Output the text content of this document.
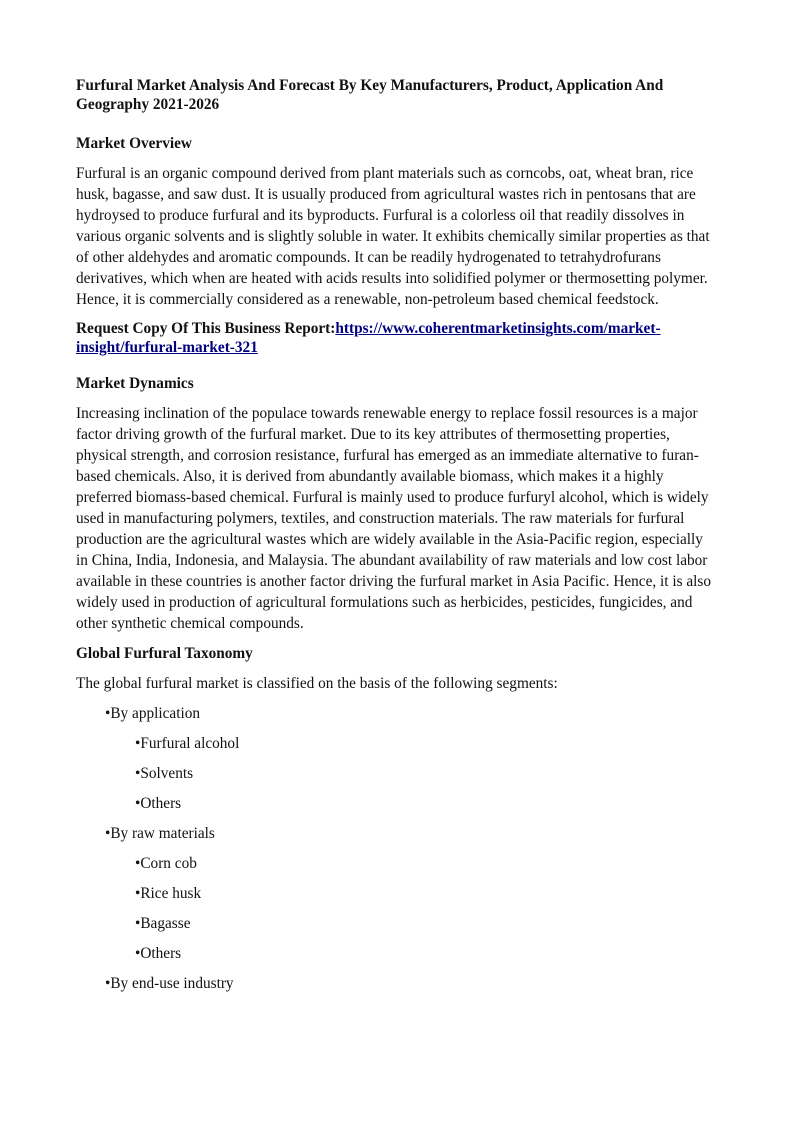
Furfural Market Analysis And Forecast By Key Manufacturers, Product, Application And Geography 2021-2026
Market Overview

Furfural is an organic compound derived from plant materials such as corncobs, oat, wheat bran, rice husk, bagasse, and saw dust. It is usually produced from agricultural wastes rich in pentosans that are hydroysed to produce furfural and its byproducts. Furfural is a colorless oil that readily dissolves in various organic solvents and is slightly soluble in water. It exhibits chemically similar properties as that of other aldehydes and aromatic compounds. It can be readily hydrogenated to tetrahydrofurans derivatives, which when are heated with acids results into solidified polymer or thermosetting polymer. Hence, it is commercially considered as a renewable, non-petroleum based chemical feedstock.

Request Copy Of This Business Report:https://www.coherentmarketinsights.com/market-insight/furfural-market-321

Market Dynamics

Increasing inclination of the populace towards renewable energy to replace fossil resources is a major factor driving growth of the furfural market. Due to its key attributes of thermosetting properties, physical strength, and corrosion resistance, furfural has emerged as an immediate alternative to furan-based chemicals. Also, it is derived from abundantly available biomass, which makes it a highly preferred biomass-based chemical. Furfural is mainly used to produce furfuryl alcohol, which is widely used in manufacturing polymers, textiles, and construction materials. The raw materials for furfural production are the agricultural wastes which are widely available in the Asia-Pacific region, especially in China, India, Indonesia, and Malaysia. The abundant availability of raw materials and low cost labor available in these countries is another factor driving the furfural market in Asia Pacific. Hence, it is also widely used in production of agricultural formulations such as herbicides, pesticides, fungicides, and other synthetic chemical compounds.

Global Furfural Taxonomy

The global furfural market is classified on the basis of the following segments:

•By application
•Furfural alcohol
•Solvents
•Others
•By raw materials
•Corn cob
•Rice husk
•Bagasse
•Others
•By end-use industry
